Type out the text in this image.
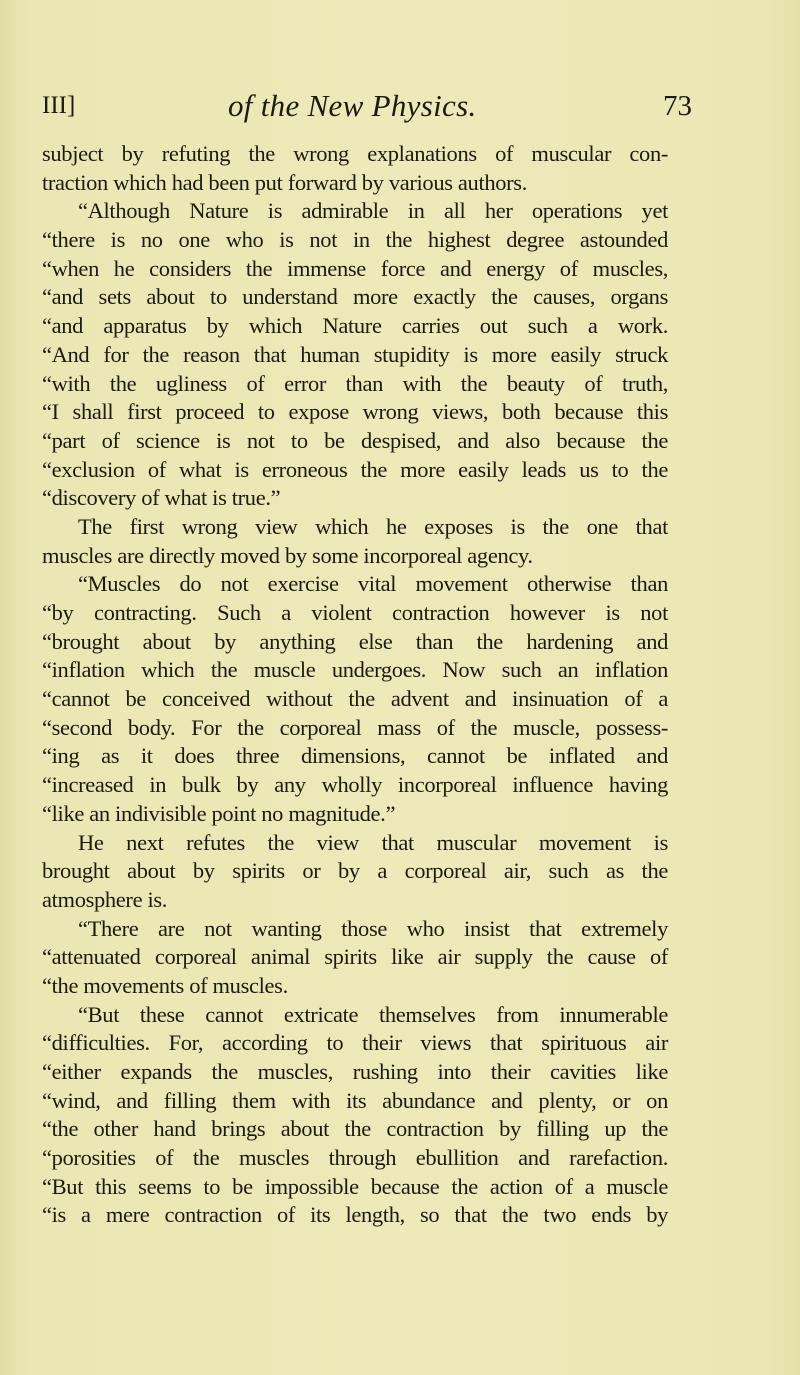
III]	of the New Physics.	73
subject by refuting the wrong explanations of muscular con-
traction which had been put forward by various authors.
“Although Nature is admirable in all her operations yet
“there is no one who is not in the highest degree astounded
“when he considers the immense force and energy of muscles,
“and sets about to understand more exactly the causes, organs
“and apparatus by which Nature carries out such a work.
“And for the reason that human stupidity is more easily struck
“with the ugliness of error than with the beauty of truth,
“I shall first proceed to expose wrong views, both because this
“part of science is not to be despised, and also because the
“exclusion of what is erroneous the more easily leads us to the
“discovery of what is true.”
The first wrong view which he exposes is the one that
muscles are directly moved by some incorporeal agency.
“Muscles do not exercise vital movement otherwise than
“by contracting. Such a violent contraction however is not
“brought about by anything else than the hardening and
“inflation which the muscle undergoes. Now such an inflation
“cannot be conceived without the advent and insinuation of a
“second body. For the corporeal mass of the muscle, possess-
“ing as it does three dimensions, cannot be inflated and
“increased in bulk by any wholly incorporeal influence having
“like an indivisible point no magnitude.”
He next refutes the view that muscular movement is
brought about by spirits or by a corporeal air, such as the
atmosphere is.
“There are not wanting those who insist that extremely
“attenuated corporeal animal spirits like air supply the cause of
“the movements of muscles.
“But these cannot extricate themselves from innumerable
“difficulties. For, according to their views that spirituous air
“either expands the muscles, rushing into their cavities like
“wind, and filling them with its abundance and plenty, or on
“the other hand brings about the contraction by filling up the
“porosities of the muscles through ebullition and rarefaction.
“But this seems to be impossible because the action of a muscle
“is a mere contraction of its length, so that the two ends by
